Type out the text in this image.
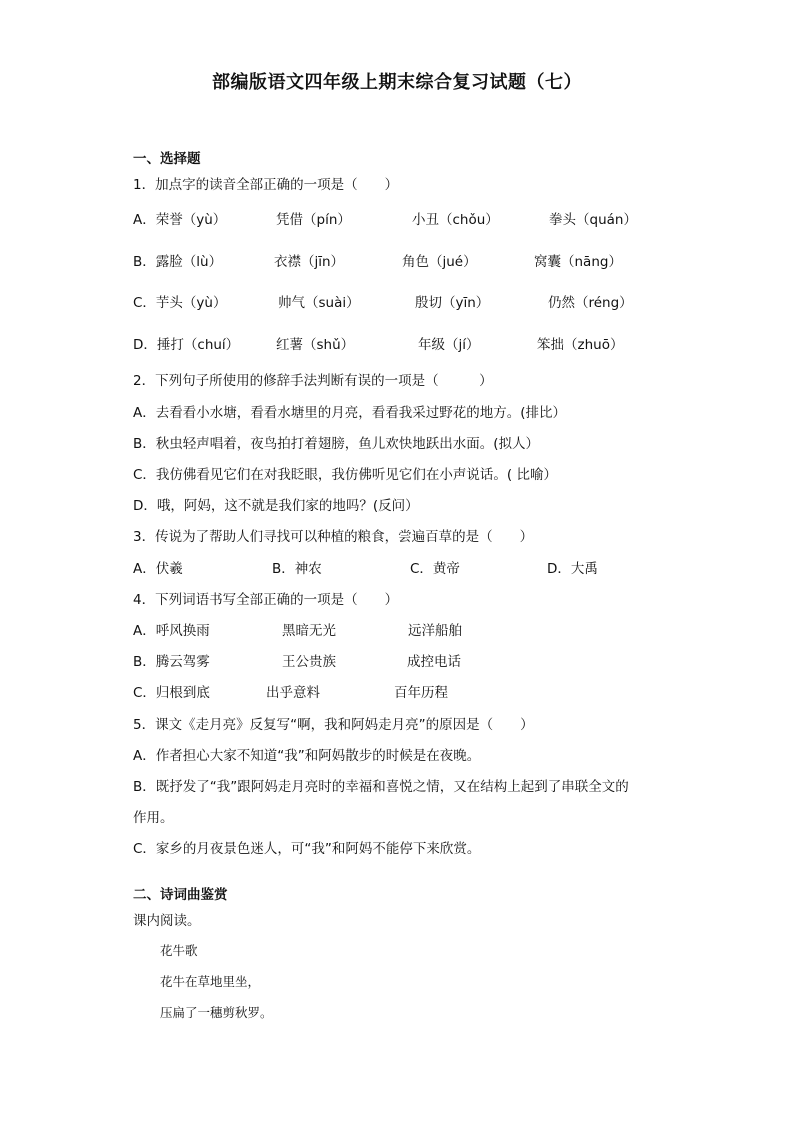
部编版语文四年级上期末综合复习试题（七）
一、选择题
1．加点字的读音全部正确的一项是（　　）
A．荣誉（yù）	凭借（pín）	小丑（chǒu）	拳头（quán）
B．露脸（lù）	衣襟（jīn）	角色（jué）	窝囊（nāng）
C．芋头（yù）	帅气（suài）	殷切（yīn）	仍然（réng）
D．捶打（chuí）	红薯（shǔ）	年级（jí）	笨拙（zhuō）
2．下列句子所使用的修辞手法判断有误的一项是（　　　）
A．去看看小水塘，看看水塘里的月亮，看看我采过野花的地方。(排比）
B．秋虫轻声唱着，夜鸟拍打着翅膀，鱼儿欢快地跃出水面。(拟人）
C．我仿佛看见它们在对我眨眼，我仿佛听见它们在小声说话。( 比喻）
D．哦，阿妈，这不就是我们家的地吗？(反问）
3．传说为了帮助人们寻找可以种植的粮食，尝遍百草的是（　　）
A．伏羲	B．神农	C．黄帝	D．大禹
4．下列词语书写全部正确的一项是（　　）
A．呼风换雨	黑暗无光	远洋船舶
B．腾云驾雾	王公贵族	成控电话
C．归根到底	出乎意料	百年历程
5．课文《走月亮》反复写“啊，我和阿妈走月亮”的原因是（　　）
A．作者担心大家不知道“我”和阿妈散步的时候是在夜晚。
B．既抒发了“我”跟阿妈走月亮时的幸福和喜悦之情，又在结构上起到了串联全文的
作用。
C．家乡的月夜景色迷人，可“我”和阿妈不能停下来欣赏。
二、诗词曲鉴赏
课内阅读。
花牛歌
花牛在草地里坐，
压扁了一穗剪秋罗。
